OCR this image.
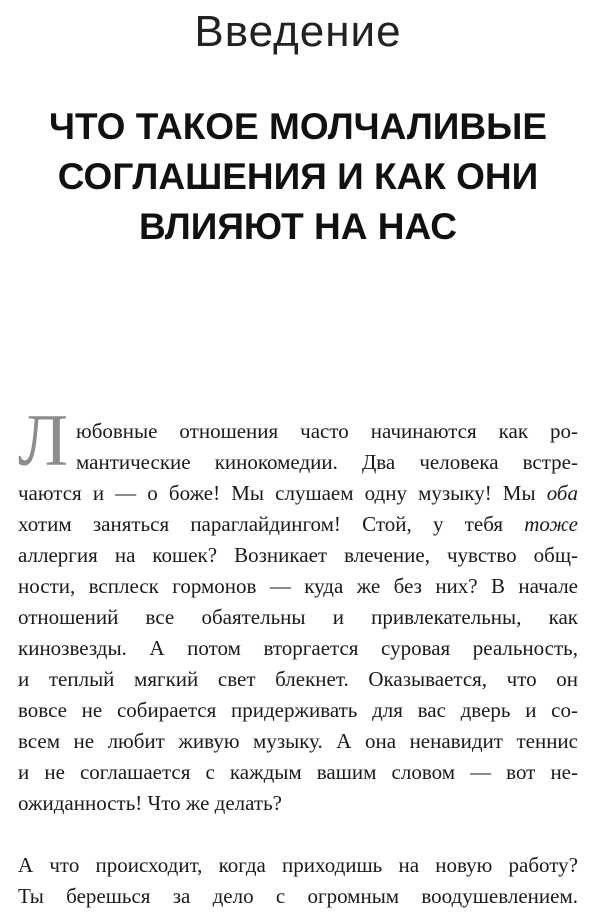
Введение
ЧТО ТАКОЕ МОЛЧАЛИВЫЕ
СОГЛАШЕНИЯ И КАК ОНИ
ВЛИЯЮТ НА НАС
Л юбовные отношения часто начинаются как ро-
мантические кинокомедии. Два человека встре-
чаются и — о боже! Мы слушаем одну музыку! Мы оба
хотим заняться параглайдингом! Стой, у тебя тоже
аллергия на кошек? Возникает влечение, чувство общ-
ности, всплеск гормонов — куда же без них? В начале
отношений все обаятельны и привлекательны, как
кинозвезды. А потом вторгается суровая реальность,
и теплый мягкий свет блекнет. Оказывается, что он
вовсе не собирается придерживать для вас дверь и со-
всем не любит живую музыку. А она ненавидит теннис
и не соглашается с каждым вашим словом — вот не-
ожиданность! Что же делать?
А что происходит, когда приходишь на новую работу?
Ты берешься за дело с огромным воодушевлением.
